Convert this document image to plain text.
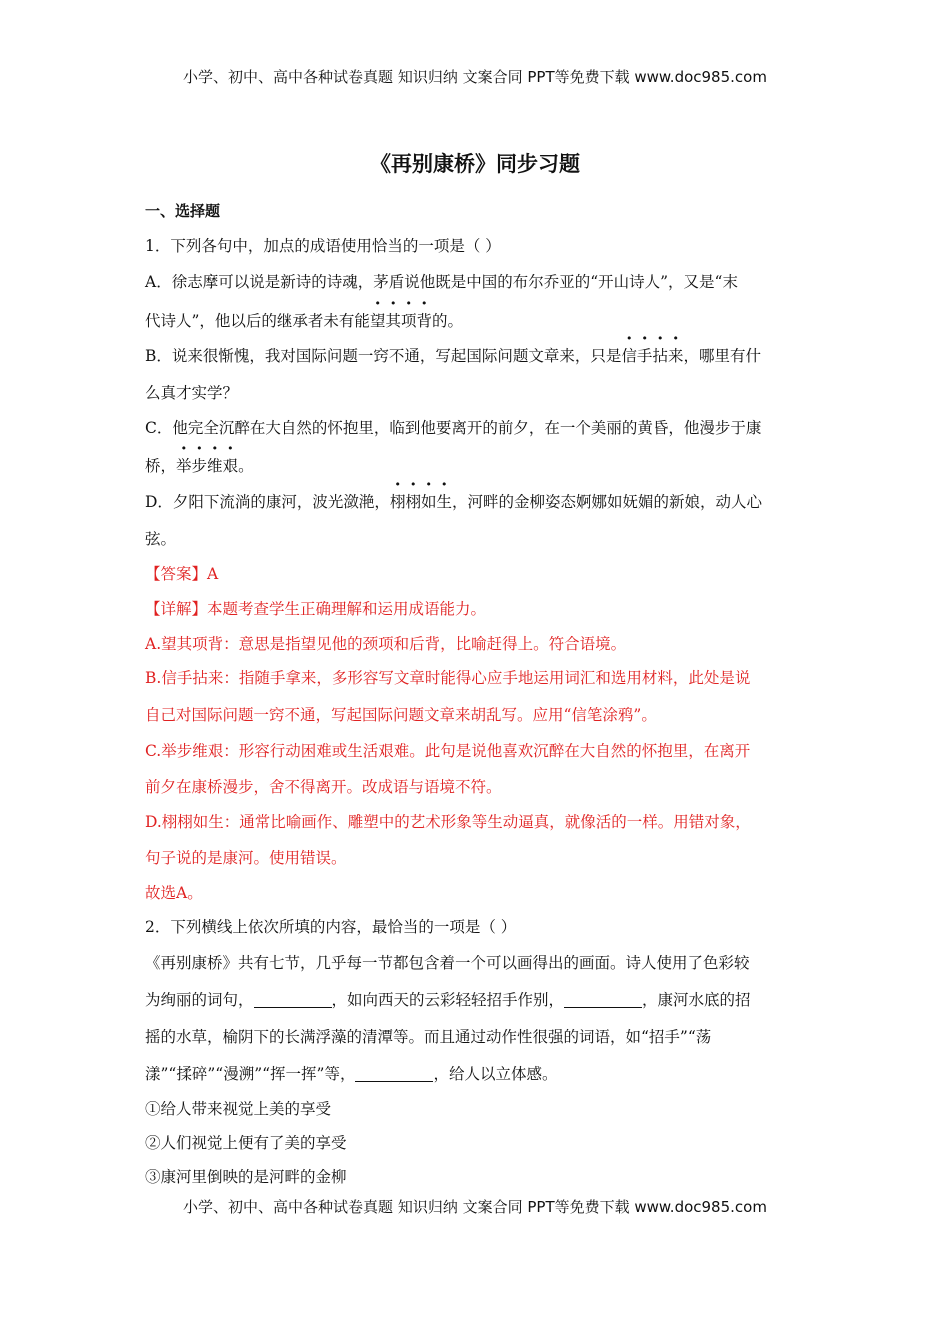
小学、初中、高中各种试卷真题 知识归纳 文案合同 PPT等免费下载 www.doc985.com
《再别康桥》同步习题
一、选择题
1．下列各句中，加点的成语使用恰当的一项是（ ）
A．徐志摩可以说是新诗的诗魂，茅盾说他既是中国的布尔乔亚的“开山诗人”，又是“末
代诗人”，他以后的继承者未有能望其项背的。
B．说来很惭愧，我对国际问题一窍不通，写起国际问题文章来，只是信手拈来，哪里有什
么真才实学？
C．他完全沉醉在大自然的怀抱里，临到他要离开的前夕，在一个美丽的黄昏，他漫步于康
桥，举步维艰。
D．夕阳下流淌的康河，波光潋滟，栩栩如生，河畔的金柳姿态婀娜如妩媚的新娘，动人心
弦。
【答案】A
【详解】本题考查学生正确理解和运用成语能力。
A.望其项背：意思是指望见他的颈项和后背，比喻赶得上。符合语境。
B.信手拈来：指随手拿来，多形容写文章时能得心应手地运用词汇和选用材料，此处是说
自己对国际问题一窍不通，写起国际问题文章来胡乱写。应用“信笔涂鸦”。
C.举步维艰：形容行动困难或生活艰难。此句是说他喜欢沉醉在大自然的怀抱里，在离开
前夕在康桥漫步，舍不得离开。改成语与语境不符。
D.栩栩如生：通常比喻画作、雕塑中的艺术形象等生动逼真，就像活的一样。用错对象，
句子说的是康河。使用错误。
故选A。
2．下列横线上依次所填的内容，最恰当的一项是（ ）
《再别康桥》共有七节，几乎每一节都包含着一个可以画得出的画面。诗人使用了色彩较
为绚丽的词句，	，如向西天的云彩轻轻招手作别，	，康河水底的招
摇的水草，榆阴下的长满浮藻的清潭等。而且通过动作性很强的词语，如“招手”“荡
漾”“揉碎”“漫溯”“挥一挥”等，	，给人以立体感。
①给人带来视觉上美的享受
②人们视觉上便有了美的享受
③康河里倒映的是河畔的金柳
小学、初中、高中各种试卷真题 知识归纳 文案合同 PPT等免费下载 www.doc985.com
